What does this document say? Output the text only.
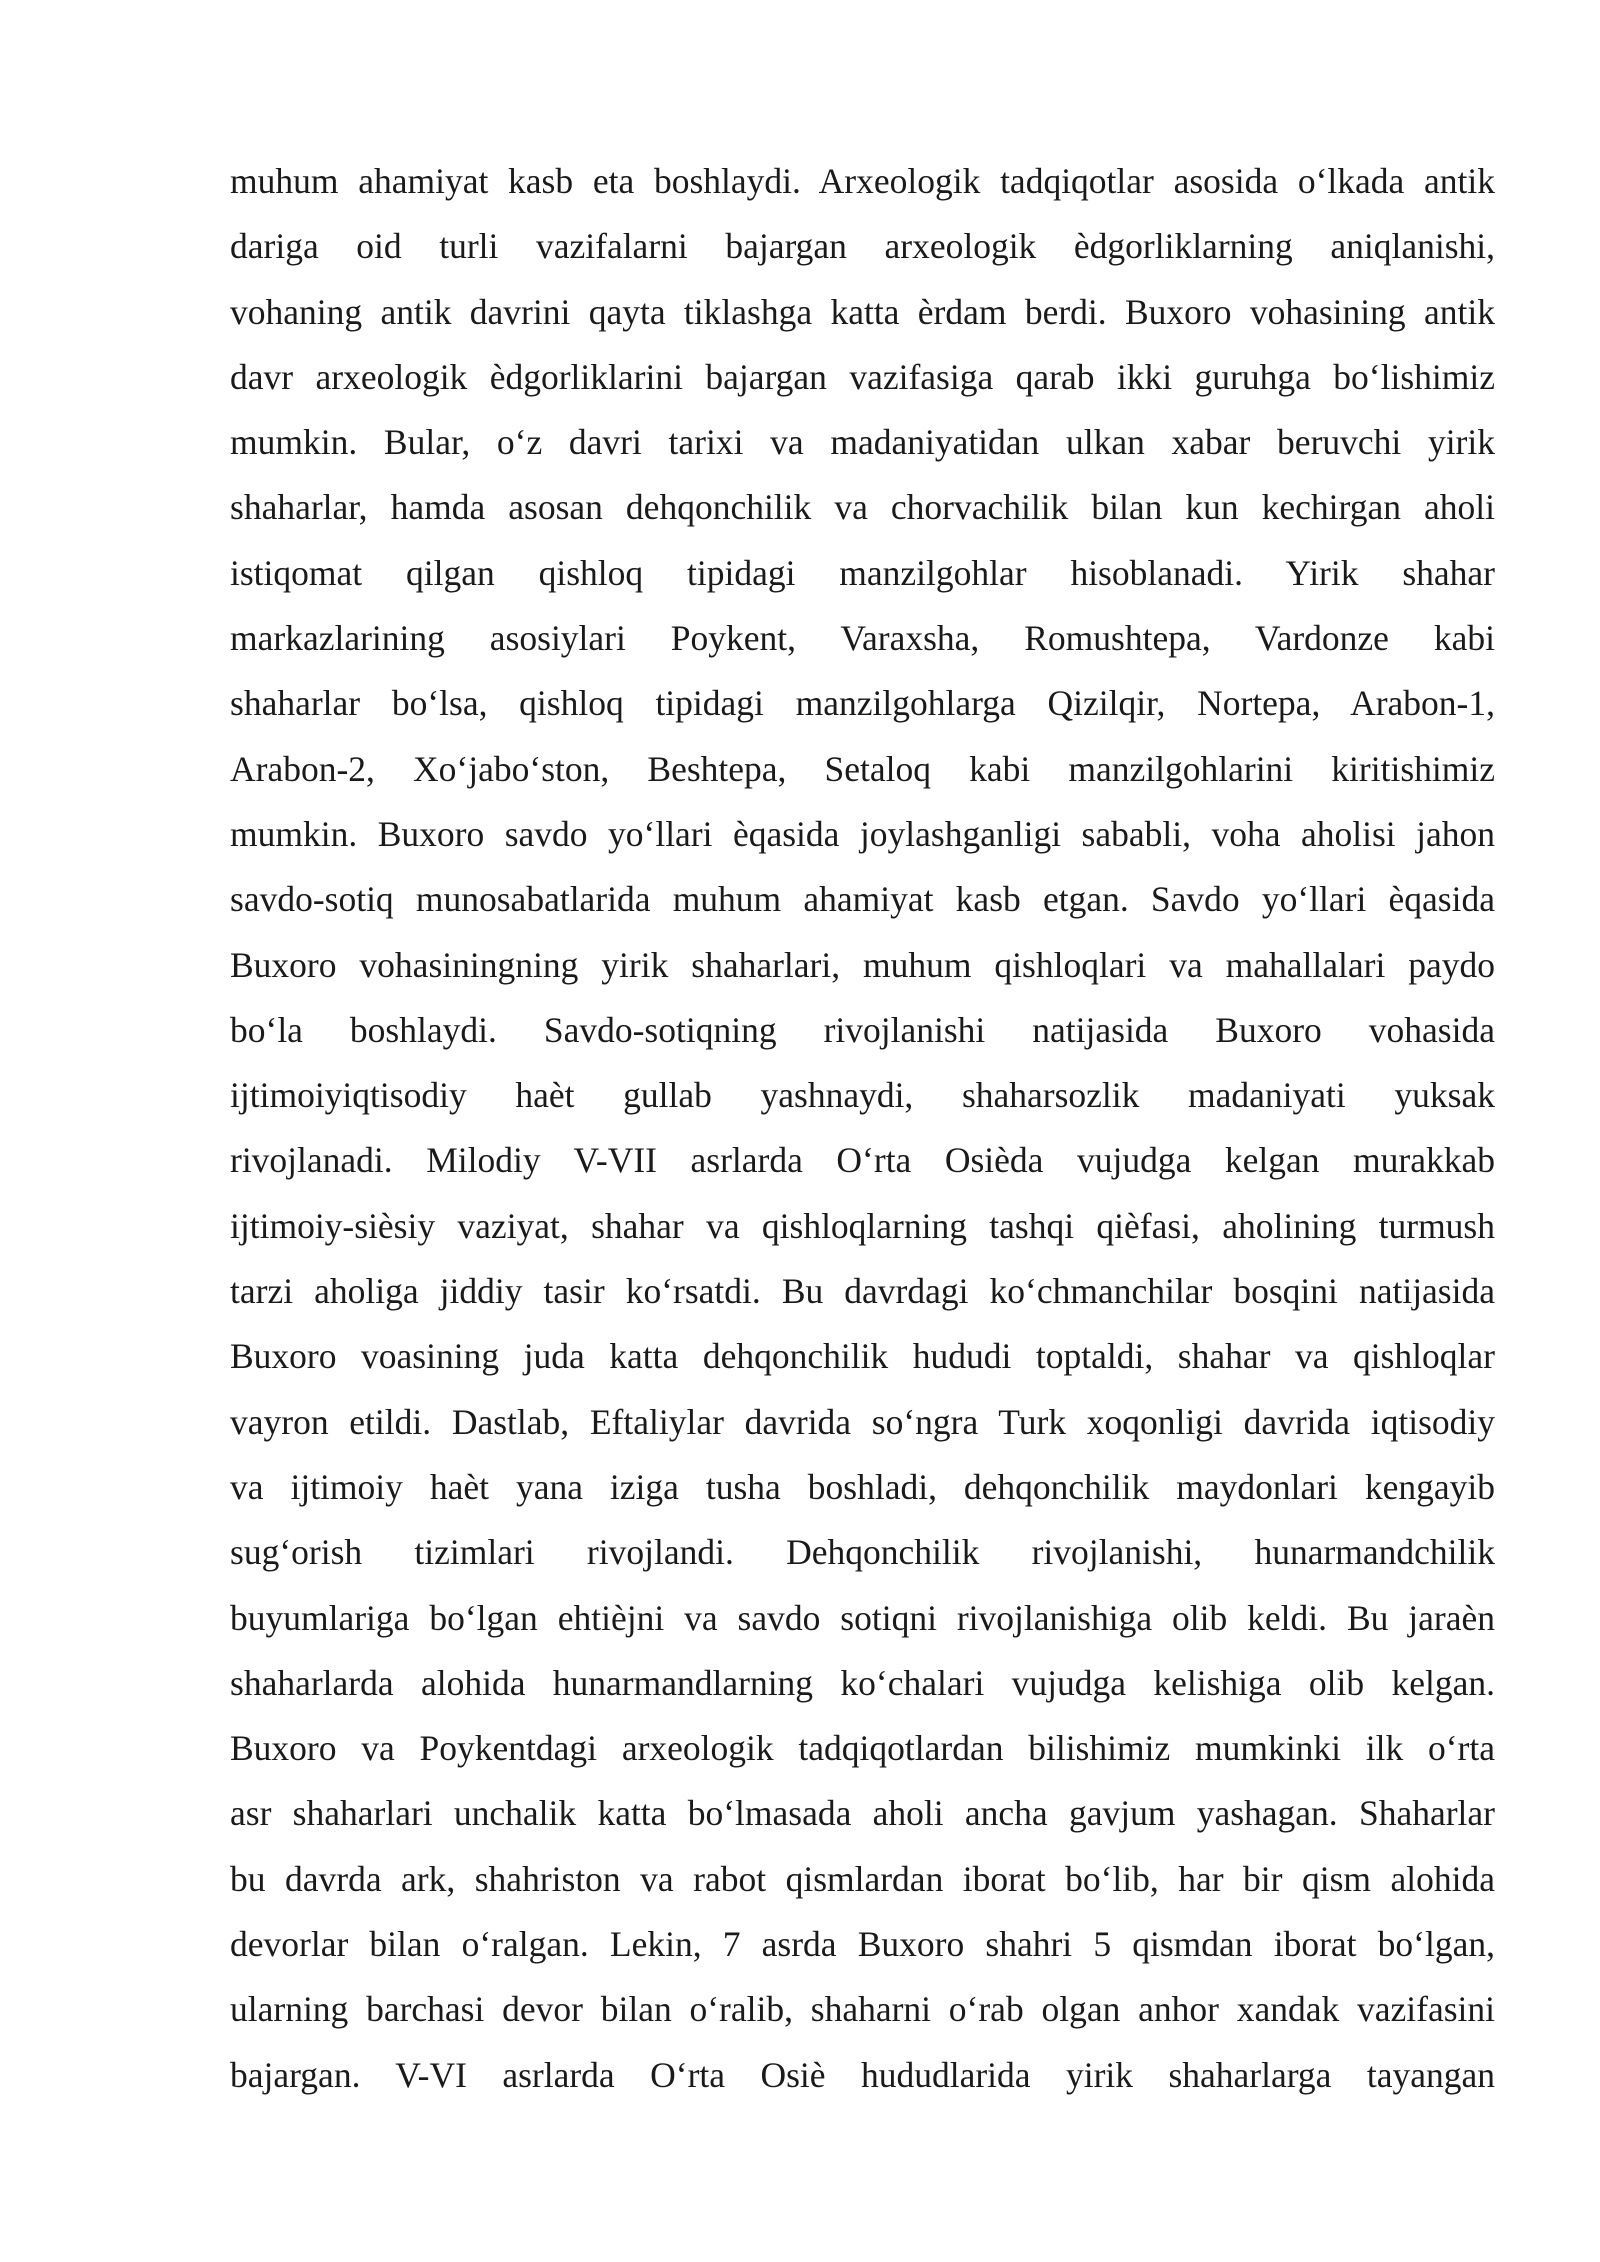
muhum ahamiyat kasb eta boshlaydi. Arxeologik tadqiqotlar asosida o‘lkada antik
dariga oid turli vazifalarni bajargan arxeologik èdgorliklarning aniqlanishi,
vohaning antik davrini qayta tiklashga katta èrdam berdi. Buxoro vohasining antik
davr arxeologik èdgorliklarini bajargan vazifasiga qarab ikki guruhga bo‘lishimiz
mumkin. Bular, o‘z davri tarixi va madaniyatidan ulkan xabar beruvchi yirik
shaharlar, hamda asosan dehqonchilik va chorvachilik bilan kun kechirgan aholi
istiqomat qilgan qishloq tipidagi manzilgohlar hisoblanadi. Yirik shahar
markazlarining asosiylari Poykent, Varaxsha, Romushtepa, Vardonze kabi
shaharlar bo‘lsa, qishloq tipidagi manzilgohlarga Qizilqir, Nortepa, Arabon-1,
Arabon-2, Xo‘jabo‘ston, Beshtepa, Setaloq kabi manzilgohlarini kiritishimiz
mumkin. Buxoro savdo yo‘llari èqasida joylashganligi sababli, voha aholisi jahon
savdo-sotiq munosabatlarida muhum ahamiyat kasb etgan. Savdo yo‘llari èqasida
Buxoro vohasiningning yirik shaharlari, muhum qishloqlari va mahallalari paydo
bo‘la boshlaydi. Savdo-sotiqning rivojlanishi natijasida Buxoro vohasida
ijtimoiyiqtisodiy haèt gullab yashnaydi, shaharsozlik madaniyati yuksak
rivojlanadi. Milodiy V-VII asrlarda O‘rta Osièda vujudga kelgan murakkab
ijtimoiy-sièsiy vaziyat, shahar va qishloqlarning tashqi qièfasi, aholining turmush
tarzi aholiga jiddiy tasir ko‘rsatdi. Bu davrdagi ko‘chmanchilar bosqini natijasida
Buxoro voasining juda katta dehqonchilik hududi toptaldi, shahar va qishloqlar
vayron etildi. Dastlab, Eftaliylar davrida so‘ngra Turk xoqonligi davrida iqtisodiy
va ijtimoiy haèt yana iziga tusha boshladi, dehqonchilik maydonlari kengayib
sug‘orish tizimlari rivojlandi. Dehqonchilik rivojlanishi, hunarmandchilik
buyumlariga bo‘lgan ehtièjni va savdo sotiqni rivojlanishiga olib keldi. Bu jaraèn
shaharlarda alohida hunarmandlarning ko‘chalari vujudga kelishiga olib kelgan.
Buxoro va Poykentdagi arxeologik tadqiqotlardan bilishimiz mumkinki ilk o‘rta
asr shaharlari unchalik katta bo‘lmasada aholi ancha gavjum yashagan. Shaharlar
bu davrda ark, shahriston va rabot qismlardan iborat bo‘lib, har bir qism alohida
devorlar bilan o‘ralgan. Lekin, 7 asrda Buxoro shahri 5 qismdan iborat bo‘lgan,
ularning barchasi devor bilan o‘ralib, shaharni o‘rab olgan anhor xandak vazifasini
bajargan. V-VI asrlarda O‘rta Osiè hududlarida yirik shaharlarga tayangan
